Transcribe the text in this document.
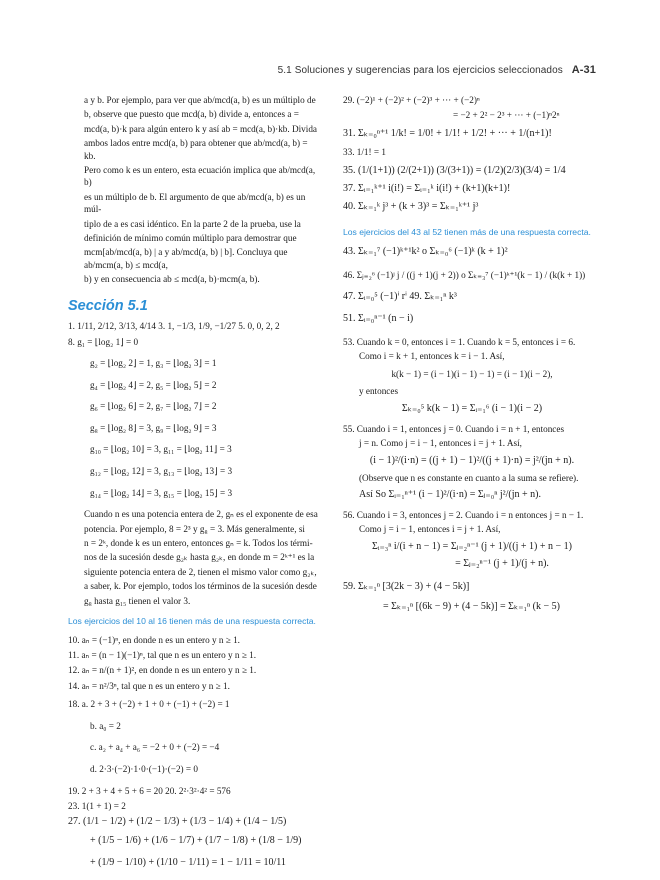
5.1 Soluciones y sugerencias para los ejercicios seleccionados A-31

a y b. Por ejemplo, para ver que ab/mcd(a, b) es un múltiplo de

b, observe que puesto que mcd(a, b) divide a, entonces a =

mcd(a, b)·k para algún entero k y así ab = mcd(a, b)·kb. Divida

ambos lados entre mcd(a, b) para obtener que ab/mcd(a, b) = kb.

Pero como k es un entero, esta ecuación implica que ab/mcd(a, b)

es un múltiplo de b. El argumento de que ab/mcd(a, b) es un múl-

tiplo de a es casi idéntico. En la parte 2 de la prueba, use la

definición de mínimo común múltiplo para demostrar que

mcm[ab/mcd(a, b) | a y ab/mcd(a, b) | b]. Concluya que ab/mcm(a, b) ≤ mcd(a,

b) y en consecuencia ab ≤ mcd(a, b)·mcm(a, b).

Sección 5.1

1. 1/11, 2/12, 3/13, 4/14 3. 1, −1/3, 1/9, −1/27 5. 0, 0, 2, 2

8. g₁ = ⌊log₂ 1⌋ = 0

g₂ = ⌊log₂ 2⌋ = 1, g₃ = ⌊log₂ 3⌋ = 1

g₄ = ⌊log₂ 4⌋ = 2, g₅ = ⌊log₂ 5⌋ = 2

g₆ = ⌊log₂ 6⌋ = 2, g₇ = ⌊log₂ 7⌋ = 2

g₈ = ⌊log₂ 8⌋ = 3, g₉ = ⌊log₂ 9⌋ = 3

g₁₀ = ⌊log₂ 10⌋ = 3, g₁₁ = ⌊log₂ 11⌋ = 3

g₁₂ = ⌊log₂ 12⌋ = 3, g₁₃ = ⌊log₂ 13⌋ = 3

g₁₄ = ⌊log₂ 14⌋ = 3, g₁₅ = ⌊log₂ 15⌋ = 3

Cuando n es una potencia entera de 2, gₙ es el exponente de esa

potencia. Por ejemplo, 8 = 2³ y g₈ = 3. Más generalmente, si

n = 2ᵏ, donde k es un entero, entonces gₙ = k. Todos los térmi-

nos de la sucesión desde g₂ₖ hasta g₂ₖ, en donde m = 2ᵏ⁺¹ es la

siguiente potencia entera de 2, tienen el mismo valor como g₂ₖ,

a saber, k. Por ejemplo, todos los términos de la sucesión desde

g₈ hasta g₁₅ tienen el valor 3.

Los ejercicios del 10 al 16 tienen más de una respuesta correcta.

10. aₙ = (−1)ⁿ, en donde n es un entero y n ≥ 1.

11. aₙ = (n − 1)(−1)ⁿ, tal que n es un entero y n ≥ 1.

12. aₙ = n/(n + 1)², en donde n es un entero y n ≥ 1.

14. aₙ = n²/3ⁿ, tal que n es un entero y n ≥ 1.

18. a. 2 + 3 + (−2) + 1 + 0 + (−1) + (−2) = 1

b. a₀ = 2

c. a₂ + a₄ + a₆ = −2 + 0 + (−2) = −4

d. 2·3·(−2)·1·0·(−1)·(−2) = 0

19. 2 + 3 + 4 + 5 + 6 = 20 20. 2²·3²·4² = 576

23. 1(1 + 1) = 2

27. (1/1 − 1/2) + (1/2 − 1/3) + (1/3 − 1/4) + (1/4 − 1/5)

+ (1/5 − 1/6) + (1/6 − 1/7) + (1/7 − 1/8) + (1/8 − 1/9)

+ (1/9 − 1/10) + (1/10 − 1/11) = 1 − 1/11 = 10/11

29. (−2)¹ + (−2)² + (−2)³ + ··· + (−2)ⁿ

= −2 + 2² − 2³ + ··· + (−1)ⁿ2ⁿ

31. Σₖ₌₀ⁿ⁺¹ 1/k! = 1/0! + 1/1! + 1/2! + ··· + 1/(n+1)!

33. 1/1! = 1

35. (1/(1+1)) (2/(2+1)) (3/(3+1)) = (1/2)(2/3)(3/4) = 1/4

37. Σᵢ₌₁ᵏ⁺¹ i(i!) = Σᵢ₌₁ᵏ i(i!) + (k+1)(k+1)!

40. Σₖ₌₁ᵏ j³ + (k + 3)³ = Σₖ₌₁ᵏ⁺¹ j³

Los ejercicios del 43 al 52 tienen más de una respuesta correcta.

43. Σₖ₌₁⁷ (−1)ᵏ⁺¹k² o Σₖ₌₀⁶ (−1)ᵏ (k + 1)²

46. Σⱼ₌₂⁶ (−1)ʲ j / ((j + 1)(j + 2)) o Σₖ₌₃⁷ (−1)ᵏ⁺¹(k − 1) / (k(k + 1))

47. Σᵢ₌₀⁵ (−1)ⁱ rⁱ 49. Σₖ₌₁ⁿ k³

51. Σᵢ₌₀ⁿ⁻¹ (n − i)

53. Cuando k = 0, entonces i = 1. Cuando k = 5, entonces i = 6.

Como i = k + 1, entonces k = i − 1. Así,

k(k − 1) = (i − 1)(i − 1) − 1) = (i − 1)(i − 2),

y entonces

Σₖ₌₀⁵ k(k − 1) = Σᵢ₌₁⁶ (i − 1)(i − 2)

55. Cuando i = 1, entonces j = 0. Cuando i = n + 1, entonces

j = n. Como j = i − 1, entonces i = j + 1. Así,

(i − 1)²/(i·n) = ((j + 1) − 1)²/((j + 1)·n) = j²/(jn + n).

(Observe que n es constante en cuanto a la suma se refiere).

Así So Σᵢ₌₁ⁿ⁺¹ (i − 1)²/(i·n) = Σⱼ₌₀ⁿ j²/(jn + n).

56. Cuando i = 3, entonces j = 2. Cuando i = n entonces j = n − 1.

Como j = i − 1, entonces i = j + 1. Así,

Σᵢ₌₃ⁿ i/(i + n − 1) = Σⱼ₌₂ⁿ⁻¹ (j + 1)/((j + 1) + n − 1)

= Σⱼ₌₂ⁿ⁻¹ (j + 1)/(j + n).

59. Σₖ₌₁ⁿ [3(2k − 3) + (4 − 5k)]

= Σₖ₌₁ⁿ [(6k − 9) + (4 − 5k)] = Σₖ₌₁ⁿ (k − 5)
